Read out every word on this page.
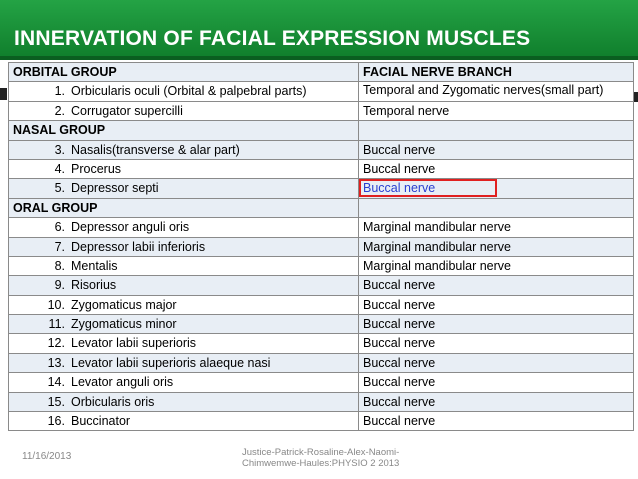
INNERVATION OF FACIAL EXPRESSION MUSCLES
ORBITAL GROUP	FACIAL NERVE BRANCH
1. Orbicularis oculi (Orbital & palpebral parts)	Temporal and Zygomatic nerves(small part)
2. Corrugator supercilli	Temporal nerve
NASAL GROUP	
3. Nasalis(transverse & alar part)	Buccal nerve
4. Procerus	Buccal nerve
5. Depressor septi	Buccal nerve
ORAL GROUP	
6. Depressor anguli oris	Marginal mandibular nerve
7. Depressor labii inferioris	Marginal mandibular nerve
8. Mentalis	Marginal mandibular nerve
9. Risorius	Buccal nerve
10. Zygomaticus major	Buccal nerve
11. Zygomaticus minor	Buccal nerve
12. Levator labii superioris	Buccal nerve
13. Levator labii superioris alaeque nasi	Buccal nerve
14. Levator anguli oris	Buccal nerve
15. Orbicularis oris	Buccal nerve
16. Buccinator	Buccal nerve
11/16/2013	Justice-Patrick-Rosaline-Alex-Naomi-Chimwemwe-Haules:PHYSIO 2 2013
